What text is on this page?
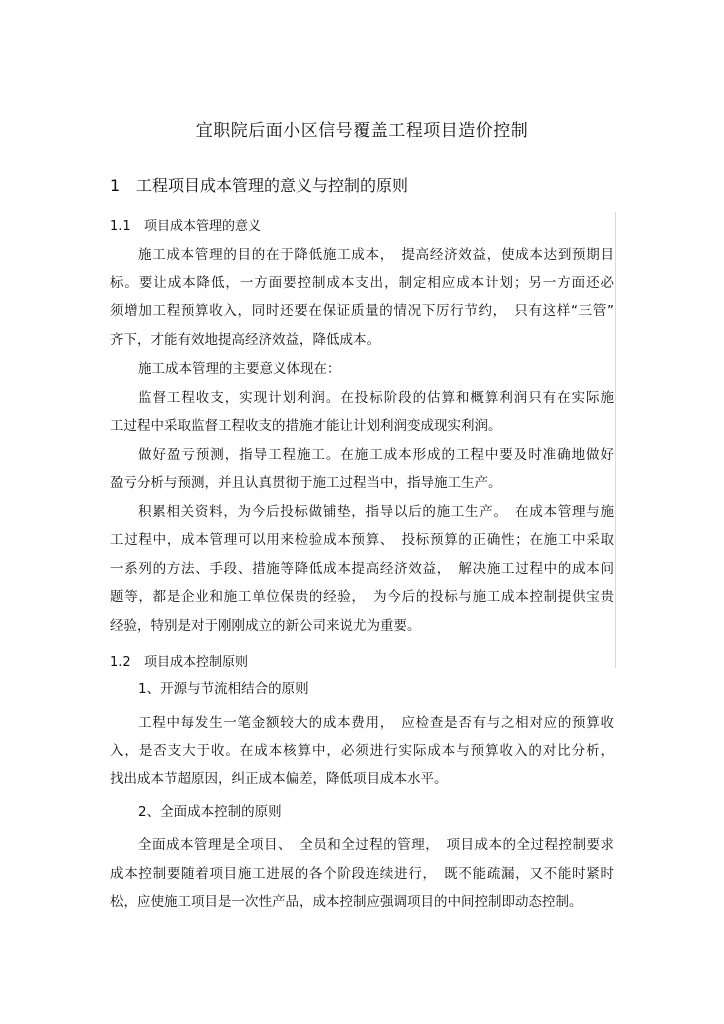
宜职院后面小区信号覆盖工程项目造价控制
1 工程项目成本管理的意义与控制的原则
1.1 项目成本管理的意义
施工成本管理的目的在于降低施工成本，　提高经济效益，使成本达到预期目
标。要让成本降低，一方面要控制成本支出，制定相应成本计划；另一方面还必
须增加工程预算收入，同时还要在保证质量的情况下厉行节约，　只有这样“三管”
齐下，才能有效地提高经济效益，降低成本。
施工成本管理的主要意义体现在：
监督工程收支，实现计划利润。在投标阶段的估算和概算利润只有在实际施
工过程中采取监督工程收支的措施才能让计划利润变成现实利润。
做好盈亏预测，指导工程施工。在施工成本形成的工程中要及时准确地做好
盈亏分析与预测，并且认真贯彻于施工过程当中，指导施工生产。
积累相关资料，为今后投标做铺垫，指导以后的施工生产。　在成本管理与施
工过程中，成本管理可以用来检验成本预算、　投标预算的正确性；在施工中采取
一系列的方法、手段、措施等降低成本提高经济效益，　解决施工过程中的成本问
题等，都是企业和施工单位保贵的经验，　为今后的投标与施工成本控制提供宝贵
经验，特别是对于刚刚成立的新公司来说尤为重要。
1.2 项目成本控制原则
1、开源与节流相结合的原则
工程中每发生一笔金额较大的成本费用，　应检查是否有与之相对应的预算收
入，是否支大于收。在成本核算中，必须进行实际成本与预算收入的对比分析，
找出成本节超原因，纠正成本偏差，降低项目成本水平。
2、全面成本控制的原则
全面成本管理是全项目、　全员和全过程的管理，　项目成本的全过程控制要求
成本控制要随着项目施工进展的各个阶段连续进行，　既不能疏漏，又不能时紧时
松，应使施工项目是一次性产品，成本控制应强调项目的中间控制即动态控制。
